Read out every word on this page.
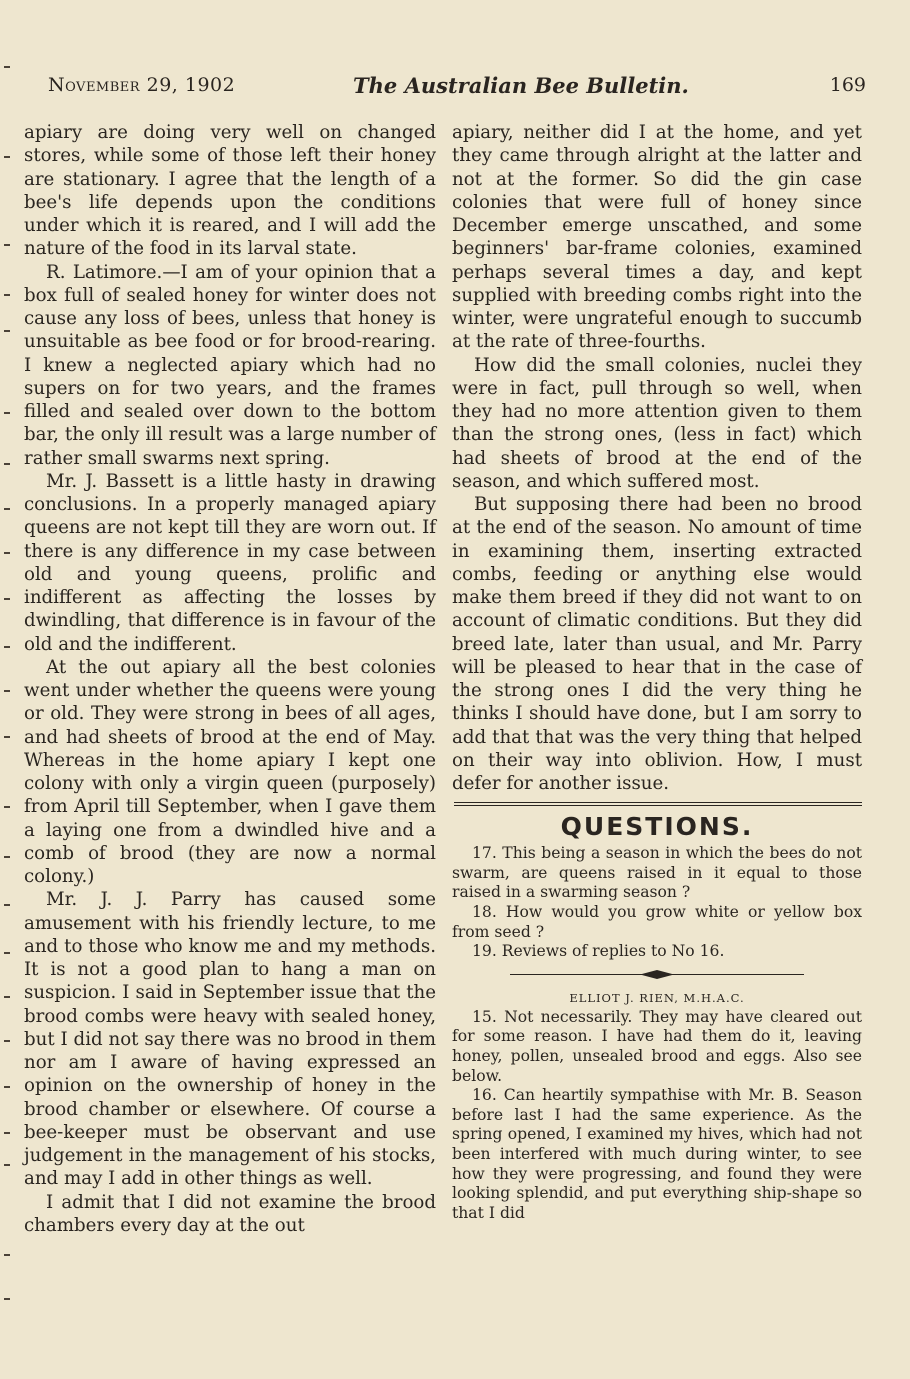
November 29, 1902	The Australian Bee Bulletin.	169

apiary are doing very well on changed stores, while some of those left their honey are stationary. I agree that the length of a bee's life depends upon the conditions under which it is reared, and I will add the nature of the food in its larval state.

R. Latimore.—I am of your opinion that a box full of sealed honey for winter does not cause any loss of bees, unless that honey is unsuitable as bee food or for brood-rearing. I knew a neglected apiary which had no supers on for two years, and the frames filled and sealed over down to the bottom bar, the only ill result was a large number of rather small swarms next spring.

Mr. J. Bassett is a little hasty in drawing conclusions. In a properly managed apiary queens are not kept till they are worn out. If there is any difference in my case between old and young queens, prolific and indifferent as affecting the losses by dwindling, that difference is in favour of the old and the indifferent.

At the out apiary all the best colonies went under whether the queens were young or old. They were strong in bees of all ages, and had sheets of brood at the end of May. Whereas in the home apiary I kept one colony with only a virgin queen (purposely) from April till September, when I gave them a laying one from a dwindled hive and a comb of brood (they are now a normal colony.)

Mr. J. J. Parry has caused some amusement with his friendly lecture, to me and to those who know me and my methods. It is not a good plan to hang a man on suspicion. I said in September issue that the brood combs were heavy with sealed honey, but I did not say there was no brood in them nor am I aware of having expressed an opinion on the ownership of honey in the brood chamber or elsewhere. Of course a bee-keeper must be observant and use judgement in the management of his stocks, and may I add in other things as well.

I admit that I did not examine the brood chambers every day at the out

apiary, neither did I at the home, and yet they came through alright at the latter and not at the former. So did the gin case colonies that were full of honey since December emerge unscathed, and some beginners' bar-frame colonies, examined perhaps several times a day, and kept supplied with breeding combs right into the winter, were ungrateful enough to succumb at the rate of three-fourths.

How did the small colonies, nuclei they were in fact, pull through so well, when they had no more attention given to them than the strong ones, (less in fact) which had sheets of brood at the end of the season, and which suffered most.

But supposing there had been no brood at the end of the season. No amount of time in examining them, inserting extracted combs, feeding or anything else would make them breed if they did not want to on account of climatic conditions. But they did breed late, later than usual, and Mr. Parry will be pleased to hear that in the case of the strong ones I did the very thing he thinks I should have done, but I am sorry to add that that was the very thing that helped on their way into oblivion. How, I must defer for another issue.

QUESTIONS.

17. This being a season in which the bees do not swarm, are queens raised in it equal to those raised in a swarming season ?

18. How would you grow white or yellow box from seed ?

19. Reviews of replies to No 16.

ELLIOT J. RIEN, M.H.A.C.

15. Not necessarily. They may have cleared out for some reason. I have had them do it, leaving honey, pollen, unsealed brood and eggs. Also see below.

16. Can heartily sympathise with Mr. B. Season before last I had the same experience. As the spring opened, I examined my hives, which had not been interfered with much during winter, to see how they were progressing, and found they were looking splendid, and put everything ship-shape so that I did
